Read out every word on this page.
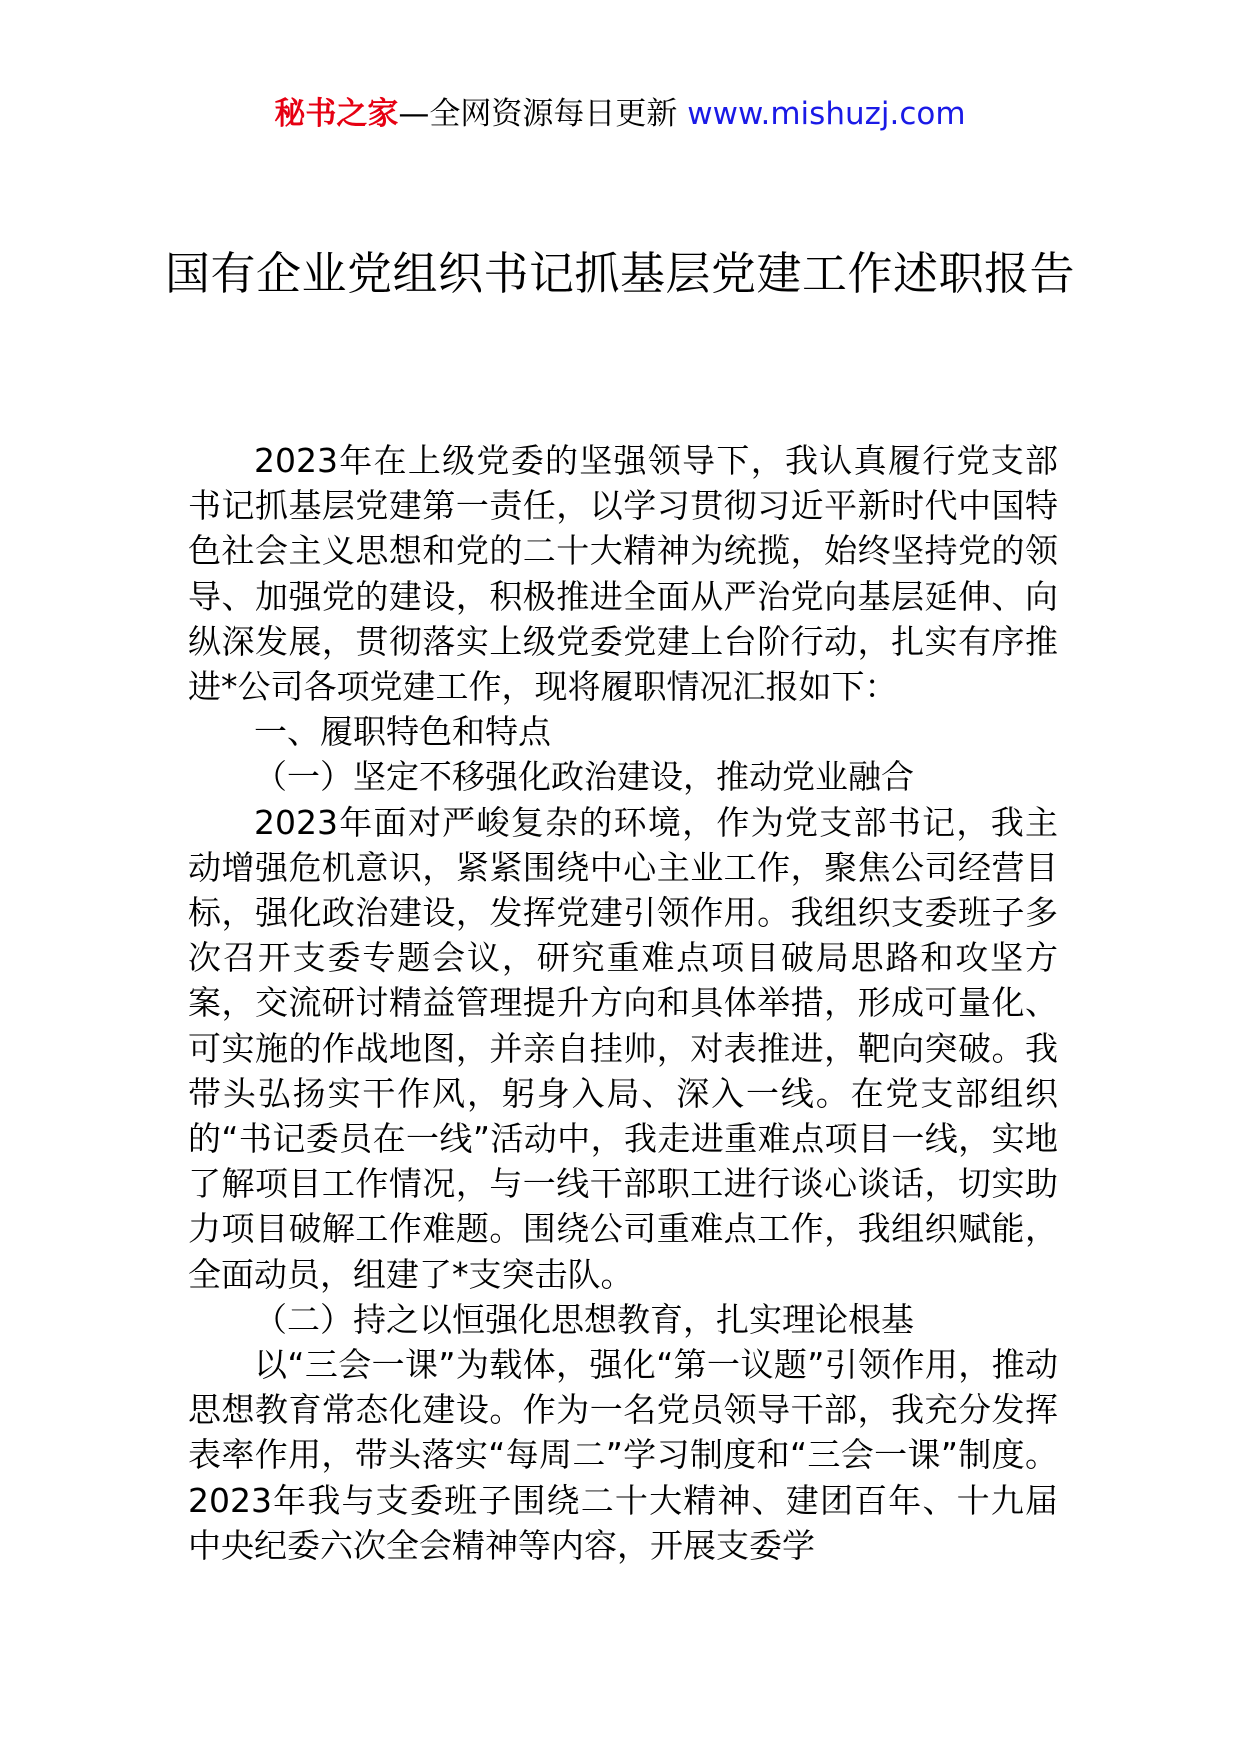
秘书之家—全网资源每日更新 www.mishuzj.com
国有企业党组织书记抓基层党建工作述职报告

2023年在上级党委的坚强领导下，我认真履行党支部书记抓基层党建第一责任，以学习贯彻习近平新时代中国特色社会主义思想和党的二十大精神为统揽，始终坚持党的领导、加强党的建设，积极推进全面从严治党向基层延伸、向纵深发展，贯彻落实上级党委党建上台阶行动，扎实有序推进*公司各项党建工作，现将履职情况汇报如下：

一、履职特色和特点

（一）坚定不移强化政治建设，推动党业融合

2023年面对严峻复杂的环境，作为党支部书记，我主动增强危机意识，紧紧围绕中心主业工作，聚焦公司经营目标，强化政治建设，发挥党建引领作用。我组织支委班子多次召开支委专题会议，研究重难点项目破局思路和攻坚方案，交流研讨精益管理提升方向和具体举措，形成可量化、可实施的作战地图，并亲自挂帅，对表推进，靶向突破。我带头弘扬实干作风，躬身入局、深入一线。在党支部组织的“书记委员在一线”活动中，我走进重难点项目一线，实地了解项目工作情况，与一线干部职工进行谈心谈话，切实助力项目破解工作难题。围绕公司重难点工作，我组织赋能，全面动员，组建了*支突击队。

（二）持之以恒强化思想教育，扎实理论根基

以“三会一课”为载体，强化“第一议题”引领作用，推动思想教育常态化建设。作为一名党员领导干部，我充分发挥表率作用，带头落实“每周二”学习制度和“三会一课”制度。2023年我与支委班子围绕二十大精神、建团百年、十九届中央纪委六次全会精神等内容，开展支委学
